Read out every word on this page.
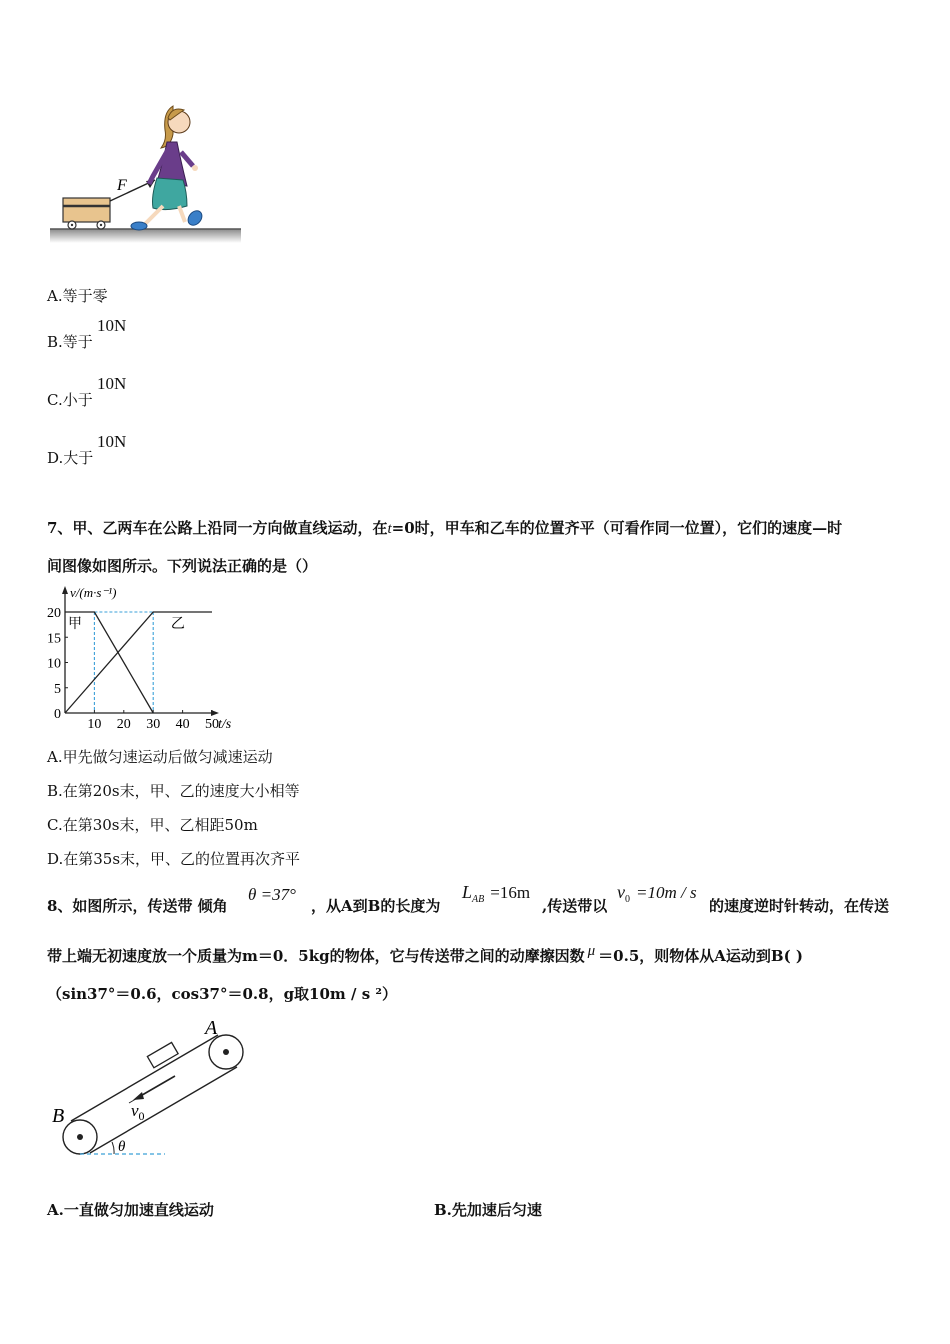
F
A.等于零
B.等于
10N
C.小于
10N
D.大于
10N
7、甲、乙两车在公路上沿同一方向做直线运动，在t=0时，甲车和乙车的位置齐平（可看作同一位置），它们的速度—时
间图像如图所示。下列说法正确的是（）
10 20 30 40 50
0
5
10
15
20
甲	乙
v/(m·s⁻¹)
t/s
A.甲先做匀速运动后做匀减速运动
B.在第20s末，甲、乙的速度大小相等
C.在第30s末，甲、乙相距50m
D.在第35s末，甲、乙的位置再次齐平
8、如图所示，传送带 倾角
θ =37°
，从A到B的长度为
$L_{AB} =16m$
,传送带以
$v_0 =10m / s$
的速度逆时针转动，在传送
带上端无初速度放一个质量为m＝0．5kg的物体，它与传送带之间的动摩擦因数 μ ＝0.5，则物体从A运动到B( )
（sin37°＝0.6，cos37°＝0.8，g取10m / s ²）
$v_0$
θ
A
B
A.一直做匀加速直线运动	B.先加速后匀速
